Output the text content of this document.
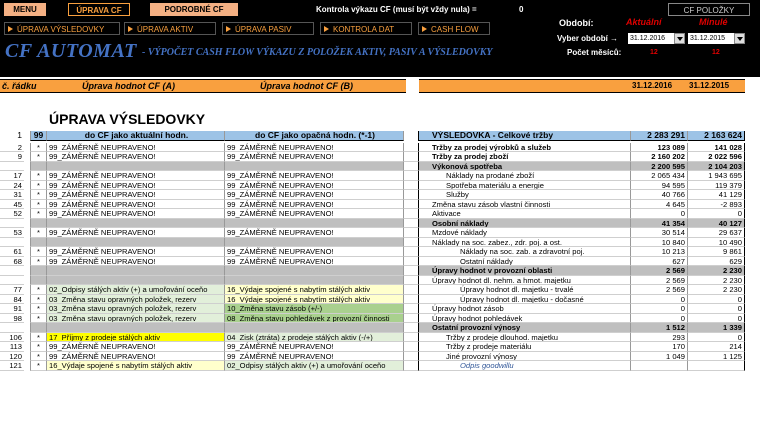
MENU	ÚPRAVA CF	PODROBNÉ CF
ÚPRAVA VÝSLEDOVKY	ÚPRAVA AKTIV	ÚPRAVA PASIV	KONTROLA DAT	CASH FLOW
Kontrola výkazu CF (musí být vždy nula) =	0	CF POLOŽKY
CF AUTOMAT - VÝPOČET CASH FLOW VÝKAZU Z POLOŽEK AKTIV, PASIV A VÝSLEDOVKY
Období:	Aktuální	Minulé
Vyber období → 31.12.2016	31.12.2015
Počet měsíců:	12	12
č. řádku	Úprava hodnot CF (A)	Úprava hodnot CF (B)	31.12.2016 31.12.2015
ÚPRAVA VÝSLEDOVKY
1	99	do CF jako aktuální hodn.	do CF jako opačná hodn. (*-1)	VÝSLEDOVKA - Celkové tržby	2 283 291	2 163 624
2	*	99_ZÁMĚRNĚ NEUPRAVENO!	99_ZÁMĚRNĚ NEUPRAVENO!	Tržby za prodej výrobků a služeb	123 089	141 028
9	*	99_ZÁMĚRNĚ NEUPRAVENO!	99_ZÁMĚRNĚ NEUPRAVENO!	Tržby za prodej zboží	2 160 202	2 022 596
Výkonová spotřeba	2 200 595	2 104 203
17	*	99_ZÁMĚRNĚ NEUPRAVENO!	99_ZÁMĚRNĚ NEUPRAVENO!	Náklady na prodané zboží	2 065 434	1 943 695
24	*	99_ZÁMĚRNĚ NEUPRAVENO!	99_ZÁMĚRNĚ NEUPRAVENO!	Spotřeba materiálu a energie	94 595	119 379
31	*	99_ZÁMĚRNĚ NEUPRAVENO!	99_ZÁMĚRNĚ NEUPRAVENO!	Služby	40 766	41 129
45	*	99_ZÁMĚRNĚ NEUPRAVENO!	99_ZÁMĚRNĚ NEUPRAVENO!	Změna stavu zásob vlastní činnosti	4 645	-2 893
52	*	99_ZÁMĚRNĚ NEUPRAVENO!	99_ZÁMĚRNĚ NEUPRAVENO!	Aktivace	0	0
Osobní náklady	41 354	40 127
53	*	99_ZÁMĚRNĚ NEUPRAVENO!	99_ZÁMĚRNĚ NEUPRAVENO!	Mzdové náklady	30 514	29 637
Náklady na soc. zabez., zdr. poj. a ost.	10 840	10 490
61	*	99_ZÁMĚRNĚ NEUPRAVENO!	99_ZÁMĚRNĚ NEUPRAVENO!	Náklady na soc. zab. a zdravotní poj.	10 213	9 861
68	*	99_ZÁMĚRNĚ NEUPRAVENO!	99_ZÁMĚRNĚ NEUPRAVENO!	Ostatní náklady	627	629
Úpravy hodnot v provozní oblasti	2 569	2 230
Úpravy hodnot dl. nehm. a hmot. majetku	2 569	2 230
77	*	02_Odpisy stálých aktiv (+) a umořování oceňo	16_Výdaje spojené s nabytím stálých aktiv	Úpravy hodnot dl. majetku - trvalé	2 569	2 230
84	*	03_Změna stavu opravných položek, rezerv	16_Výdaje spojené s nabytím stálých aktiv	Úpravy hodnot dl. majetku - dočasné	0	0
91	*	03_Změna stavu opravných položek, rezerv	10_Změna stavu zásob (+/-)	Úpravy hodnot zásob	0	0
98	*	03_Změna stavu opravných položek, rezerv	08_Změna stavu pohledávek z provozní činnosti	Úpravy hodnot pohledávek	0	0
Ostatní provozní výnosy	1 512	1 339
106	*	17_Příjmy z prodeje stálých aktiv	04_Zisk (ztráta) z prodeje stálých aktiv (-/+)	Tržby z prodeje dlouhod. majetku	293	0
113	*	99_ZÁMĚRNĚ NEUPRAVENO!	99_ZÁMĚRNĚ NEUPRAVENO!	Tržby z prodeje materiálu	170	214
120	*	99_ZÁMĚRNĚ NEUPRAVENO!	99_ZÁMĚRNĚ NEUPRAVENO!	Jiné provozní výnosy	1 049	1 125
121	*	16_Výdaje spojené s nabytím stálých aktiv	02_Odpisy stálých aktiv (+) a umořování oceňo	Odpis goodwillu
